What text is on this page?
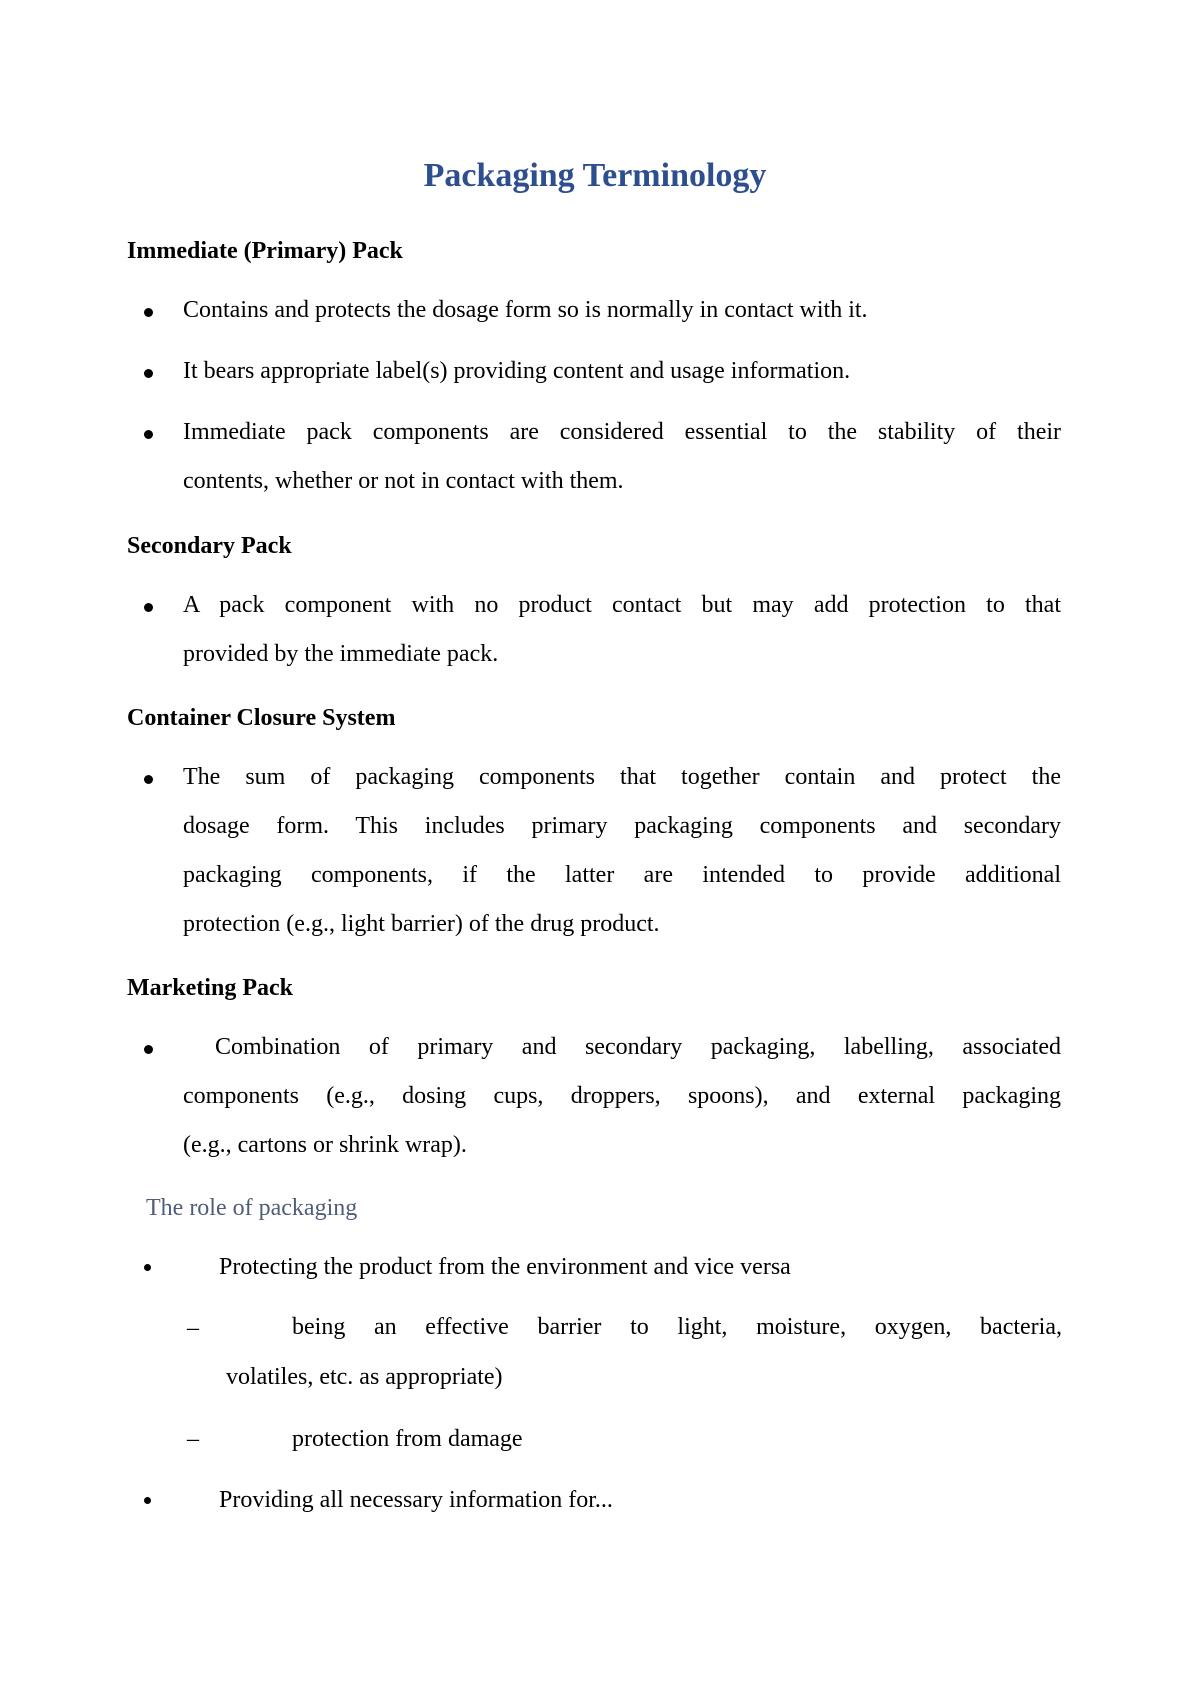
Packaging Terminology
Immediate (Primary) Pack
Contains and protects the dosage form so is normally in contact with it.
It bears appropriate label(s) providing content and usage information.
Immediate pack components are considered essential to the stability of their
contents, whether or not in contact with them.
Secondary Pack
A pack component with no product contact but may add protection to that
provided by the immediate pack.
Container Closure System
The sum of packaging components that together contain and protect the
dosage form. This includes primary packaging components and secondary
packaging components, if the latter are intended to provide additional
protection (e.g., light barrier) of the drug product.
Marketing Pack
Combination of primary and secondary packaging, labelling, associated
components (e.g., dosing cups, droppers, spoons), and external packaging
(e.g., cartons or shrink wrap).
The role of packaging
Protecting the product from the environment and vice versa
–	being an effective barrier to light, moisture, oxygen, bacteria,
volatiles, etc. as appropriate)
–	protection from damage
Providing all necessary information for...
